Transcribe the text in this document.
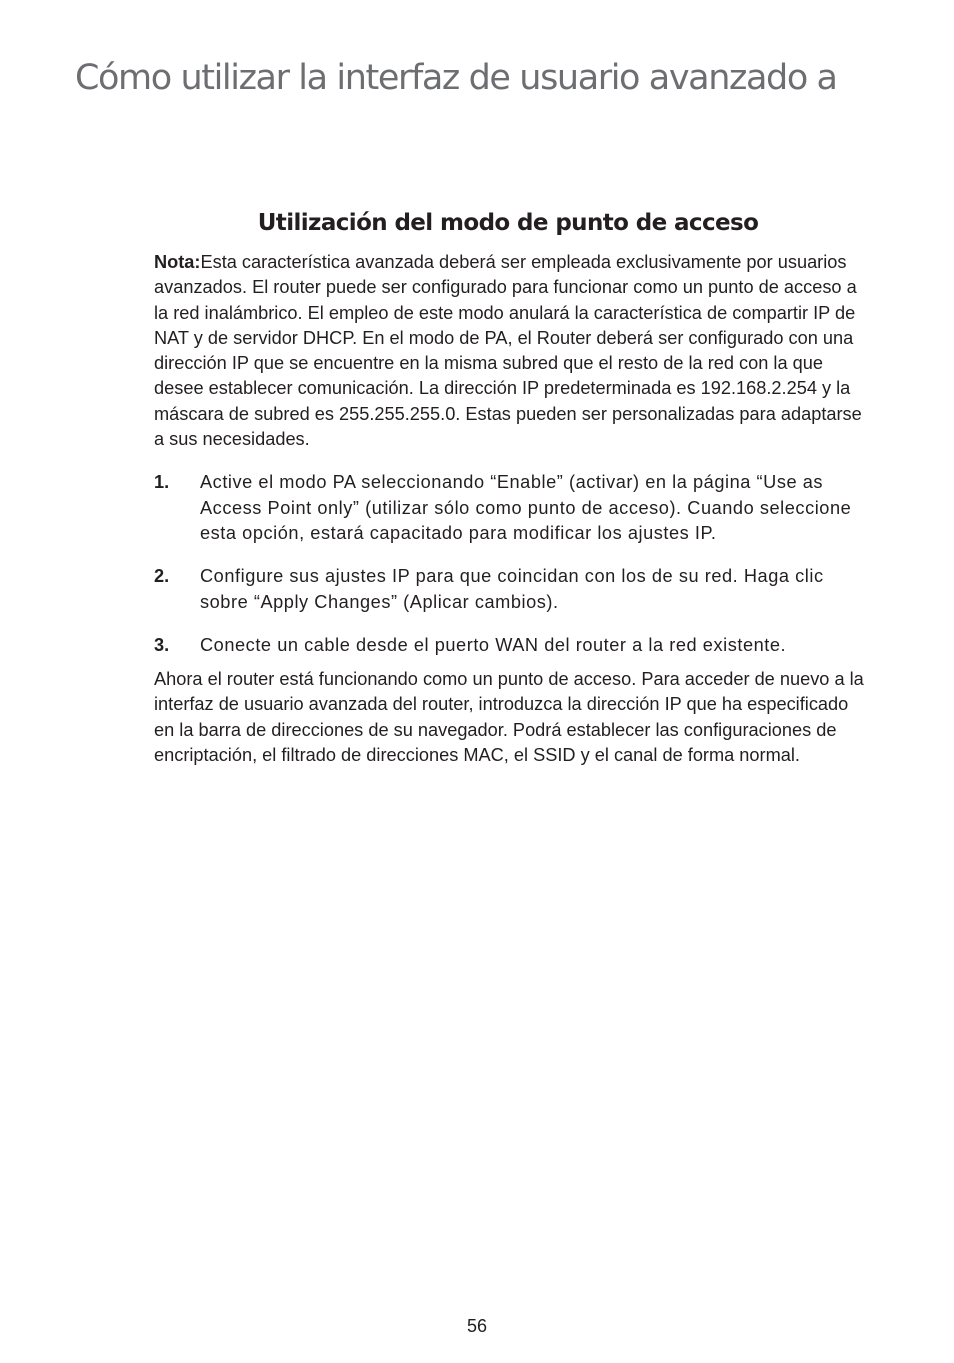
Cómo utilizar la interfaz de usuario avanzado a
Utilización del modo de punto de acceso

Nota:Esta característica avanzada deberá ser empleada exclusivamente por usuarios avanzados. El router puede ser configurado para funcionar como un punto de acceso a la red inalámbrico. El empleo de este modo anulará la característica de compartir IP de NAT y de servidor DHCP. En el modo de PA, el Router deberá ser configurado con una dirección IP que se encuentre en la misma subred que el resto de la red con la que desee establecer comunicación. La dirección IP predeterminada es 192.168.2.254 y la máscara de subred es 255.255.255.0. Estas pueden ser personalizadas para adaptarse a sus necesidades.

1. Active el modo PA seleccionando “Enable” (activar) en la página “Use as Access Point only” (utilizar sólo como punto de acceso). Cuando seleccione esta opción, estará capacitado para modificar los ajustes IP.
2. Configure sus ajustes IP para que coincidan con los de su red. Haga clic sobre “Apply Changes” (Aplicar cambios).
3. Conecte un cable desde el puerto WAN del router a la red existente.

Ahora el router está funcionando como un punto de acceso. Para acceder de nuevo a la interfaz de usuario avanzada del router, introduzca la dirección IP que ha especificado en la barra de direcciones de su navegador. Podrá establecer las configuraciones de encriptación, el filtrado de direcciones MAC, el SSID y el canal de forma normal.

56
